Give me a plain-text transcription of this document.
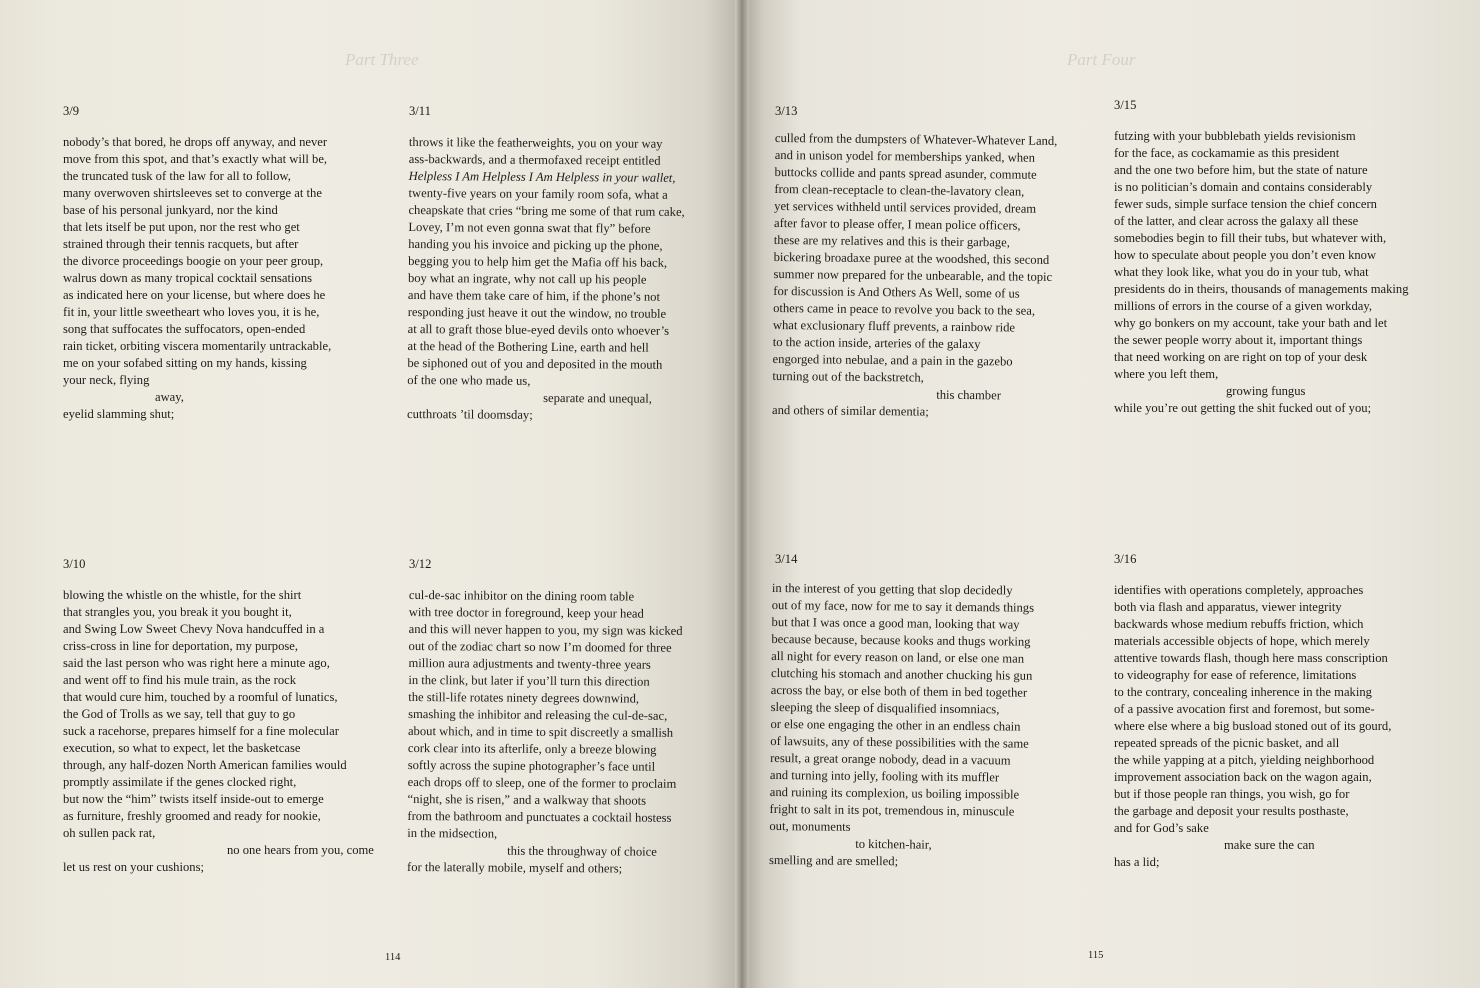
Part Three
3/9
nobody’s that bored, he drops off anyway, and never
move from this spot, and that’s exactly what will be,
the truncated tusk of the law for all to follow,
many overwoven shirtsleeves set to converge at the
base of his personal junkyard, nor the kind
that lets itself be put upon, nor the rest who get
strained through their tennis racquets, but after
the divorce proceedings boogie on your peer group,
walrus down as many tropical cocktail sensations
as indicated here on your license, but where does he
fit in, your little sweetheart who loves you, it is he,
song that suffocates the suffocators, open-ended
rain ticket, orbiting viscera momentarily untrackable,
me on your sofabed sitting on my hands, kissing
your neck, flying
away,
eyelid slamming shut;
3/11
throws it like the featherweights, you on your way
ass-backwards, and a thermofaxed receipt entitled
Helpless I Am Helpless I Am Helpless in your wallet,
twenty-five years on your family room sofa, what a
cheapskate that cries “bring me some of that rum cake,
Lovey, I’m not even gonna swat that fly” before
handing you his invoice and picking up the phone,
begging you to help him get the Mafia off his back,
boy what an ingrate, why not call up his people
and have them take care of him, if the phone’s not
responding just heave it out the window, no trouble
at all to graft those blue-eyed devils onto whoever’s
at the head of the Bothering Line, earth and hell
be siphoned out of you and deposited in the mouth
of the one who made us,
separate and unequal,
cutthroats ’til doomsday;
3/10
blowing the whistle on the whistle, for the shirt
that strangles you, you break it you bought it,
and Swing Low Sweet Chevy Nova handcuffed in a
criss-cross in line for deportation, my purpose,
said the last person who was right here a minute ago,
and went off to find his mule train, as the rock
that would cure him, touched by a roomful of lunatics,
the God of Trolls as we say, tell that guy to go
suck a racehorse, prepares himself for a fine molecular
execution, so what to expect, let the basketcase
through, any half-dozen North American families would
promptly assimilate if the genes clocked right,
but now the “him” twists itself inside-out to emerge
as furniture, freshly groomed and ready for nookie,
oh sullen pack rat,
no one hears from you, come
let us rest on your cushions;
3/12
cul-de-sac inhibitor on the dining room table
with tree doctor in foreground, keep your head
and this will never happen to you, my sign was kicked
out of the zodiac chart so now I’m doomed for three
million aura adjustments and twenty-three years
in the clink, but later if you’ll turn this direction
the still-life rotates ninety degrees downwind,
smashing the inhibitor and releasing the cul-de-sac,
about which, and in time to spit discreetly a smallish
cork clear into its afterlife, only a breeze blowing
softly across the supine photographer’s face until
each drops off to sleep, one of the former to proclaim
“night, she is risen,” and a walkway that shoots
from the bathroom and punctuates a cocktail hostess
in the midsection,
this the throughway of choice
for the laterally mobile, myself and others;
114
Part Four
3/13
culled from the dumpsters of Whatever-Whatever Land,
and in unison yodel for memberships yanked, when
buttocks collide and pants spread asunder, commute
from clean-receptacle to clean-the-lavatory clean,
yet services withheld until services provided, dream
after favor to please offer, I mean police officers,
these are my relatives and this is their garbage,
bickering broadaxe puree at the woodshed, this second
summer now prepared for the unbearable, and the topic
for discussion is And Others As Well, some of us
others came in peace to revolve you back to the sea,
what exclusionary fluff prevents, a rainbow ride
to the action inside, arteries of the galaxy
engorged into nebulae, and a pain in the gazebo
turning out of the backstretch,
this chamber
and others of similar dementia;
3/15
futzing with your bubblebath yields revisionism
for the face, as cockamamie as this president
and the one two before him, but the state of nature
is no politician’s domain and contains considerably
fewer suds, simple surface tension the chief concern
of the latter, and clear across the galaxy all these
somebodies begin to fill their tubs, but whatever with,
how to speculate about people you don’t even know
what they look like, what you do in your tub, what
presidents do in theirs, thousands of managements making
millions of errors in the course of a given workday,
why go bonkers on my account, take your bath and let
the sewer people worry about it, important things
that need working on are right on top of your desk
where you left them,
growing fungus
while you’re out getting the shit fucked out of you;
3/14
in the interest of you getting that slop decidedly
out of my face, now for me to say it demands things
but that I was once a good man, looking that way
because because, because kooks and thugs working
all night for every reason on land, or else one man
clutching his stomach and another chucking his gun
across the bay, or else both of them in bed together
sleeping the sleep of disqualified insomniacs,
or else one engaging the other in an endless chain
of lawsuits, any of these possibilities with the same
result, a great orange nobody, dead in a vacuum
and turning into jelly, fooling with its muffler
and ruining its complexion, us boiling impossible
fright to salt in its pot, tremendous in, minuscule
out, monuments
to kitchen-hair,
smelling and are smelled;
3/16
identifies with operations completely, approaches
both via flash and apparatus, viewer integrity
backwards whose medium rebuffs friction, which
materials accessible objects of hope, which merely
attentive towards flash, though here mass conscription
to videography for ease of reference, limitations
to the contrary, concealing inherence in the making
of a passive avocation first and foremost, but some-
where else where a big busload stoned out of its gourd,
repeated spreads of the picnic basket, and all
the while yapping at a pitch, yielding neighborhood
improvement association back on the wagon again,
but if those people ran things, you wish, go for
the garbage and deposit your results posthaste,
and for God’s sake
make sure the can
has a lid;
115
